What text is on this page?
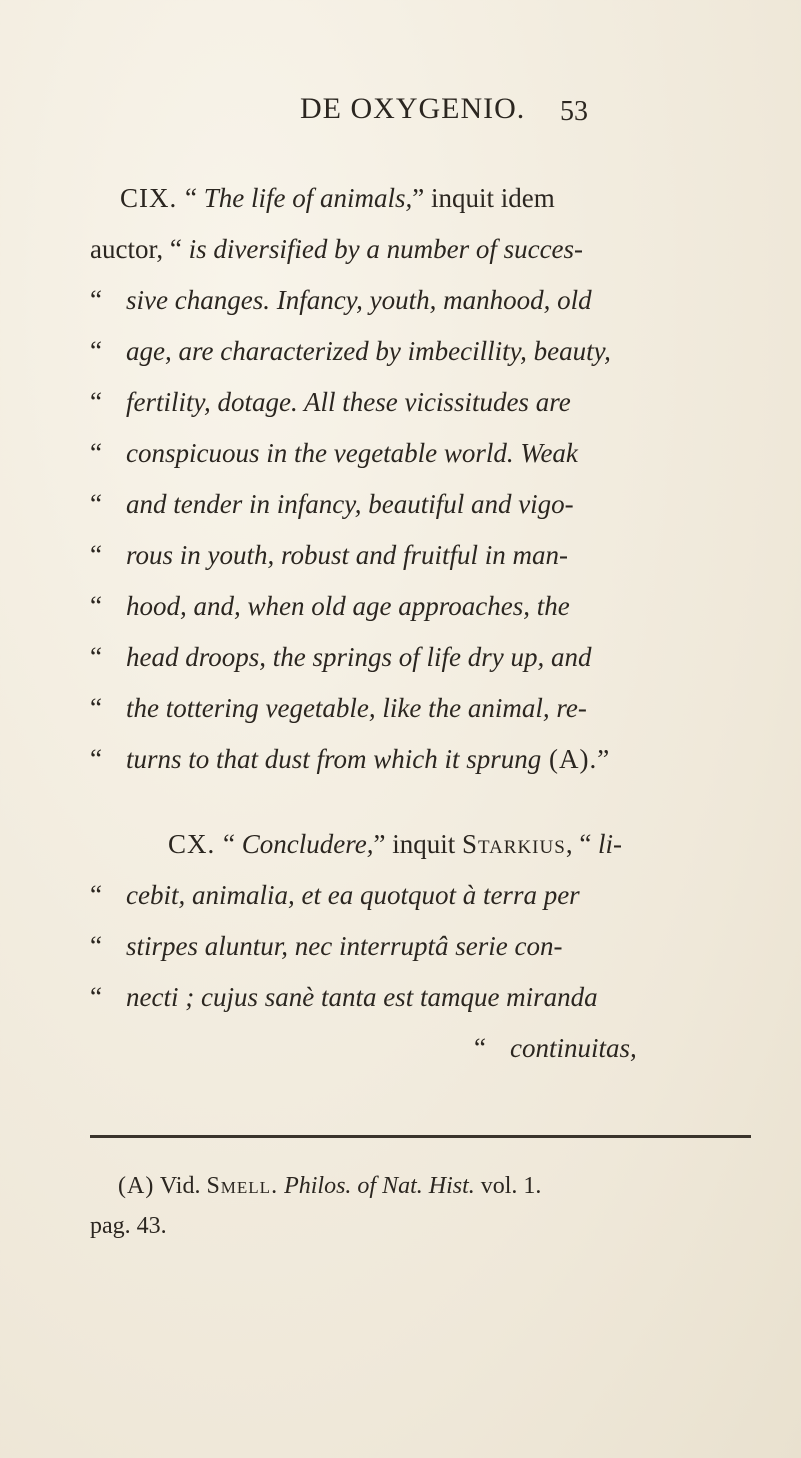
DE OXYGENIO. 53
CIX. “ The life of animals,” inquit idem
auctor, “ is diversified by a number of succes-
“ sive changes. Infancy, youth, manhood, old
“ age, are characterized by imbecillity, beauty,
“ fertility, dotage. All these vicissitudes are
“ conspicuous in the vegetable world. Weak
“ and tender in infancy, beautiful and vigo-
“ rous in youth, robust and fruitful in man-
“ hood, and, when old age approaches, the
“ head droops, the springs of life dry up, and
“ the tottering vegetable, like the animal, re-
“ turns to that dust from which it sprung (A).”
CX. “ Concludere,” inquit Starkius, “ li-
“ cebit, animalia, et ea quotquot à terra per
“ stirpes aluntur, nec interruptâ serie con-
“ necti ; cujus sanè tanta est tamque miranda
“ continuitas,
(A) Vid. Smell. Philos. of Nat. Hist. vol. 1.
pag. 43.
